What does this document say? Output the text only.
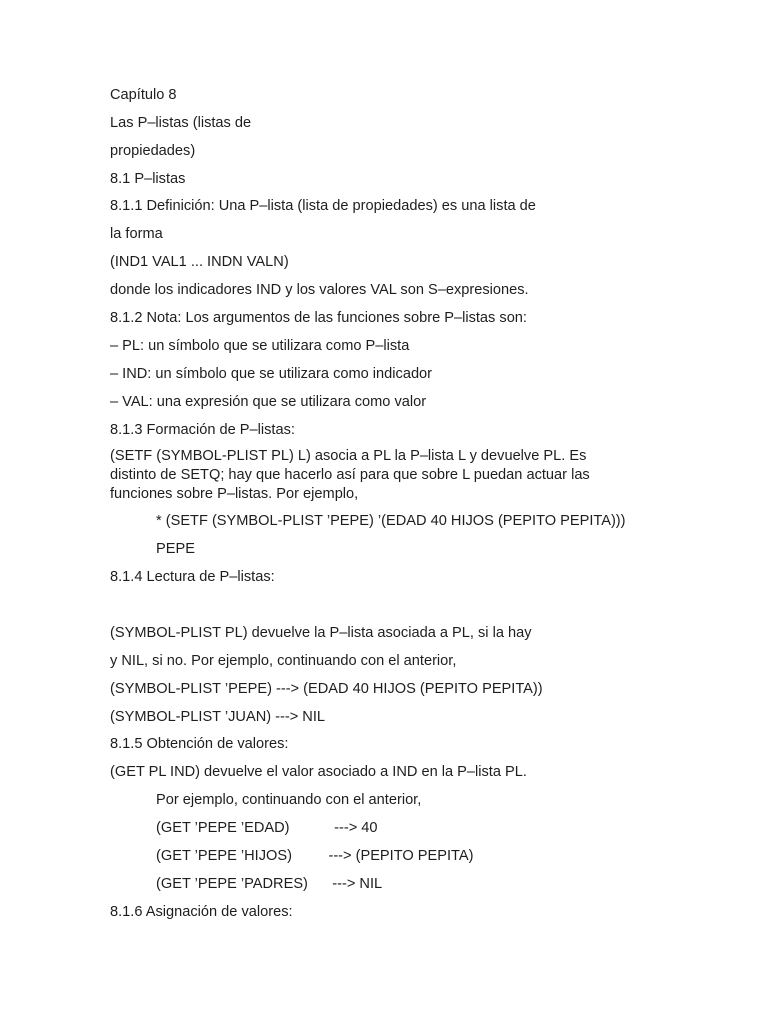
Capítulo 8

Las P–listas (listas de

propiedades)

8.1 P–listas

8.1.1 Definición: Una P–lista (lista de propiedades) es una lista de

la forma

(IND1 VAL1 ... INDN VALN)

donde los indicadores IND y los valores VAL son S–expresiones.

8.1.2 Nota: Los argumentos de las funciones sobre P–listas son:

– PL: un símbolo que se utilizara como P–lista

– IND: un símbolo que se utilizara como indicador

– VAL: una expresión que se utilizara como valor

8.1.3 Formación de P–listas:

(SETF (SYMBOL-PLIST PL) L) asocia a PL la P–lista L y devuelve PL. Es
distinto de SETQ; hay que hacerlo así para que sobre L puedan actuar las
funciones sobre P–listas. Por ejemplo,

* (SETF (SYMBOL-PLIST ’PEPE) ’(EDAD 40 HIJOS (PEPITO PEPITA)))

PEPE

8.1.4 Lectura de P–listas:

(SYMBOL-PLIST PL) devuelve la P–lista asociada a PL, si la hay

y NIL, si no. Por ejemplo, continuando con el anterior,

(SYMBOL-PLIST ’PEPE) ---> (EDAD 40 HIJOS (PEPITO PEPITA))

(SYMBOL-PLIST ’JUAN) ---> NIL

8.1.5 Obtención de valores:

(GET PL IND) devuelve el valor asociado a IND en la P–lista PL.

Por ejemplo, continuando con el anterior,

(GET ’PEPE ’EDAD)           ---> 40

(GET ’PEPE ’HIJOS)         ---> (PEPITO PEPITA)

(GET ’PEPE ’PADRES)      ---> NIL

8.1.6 Asignación de valores:
